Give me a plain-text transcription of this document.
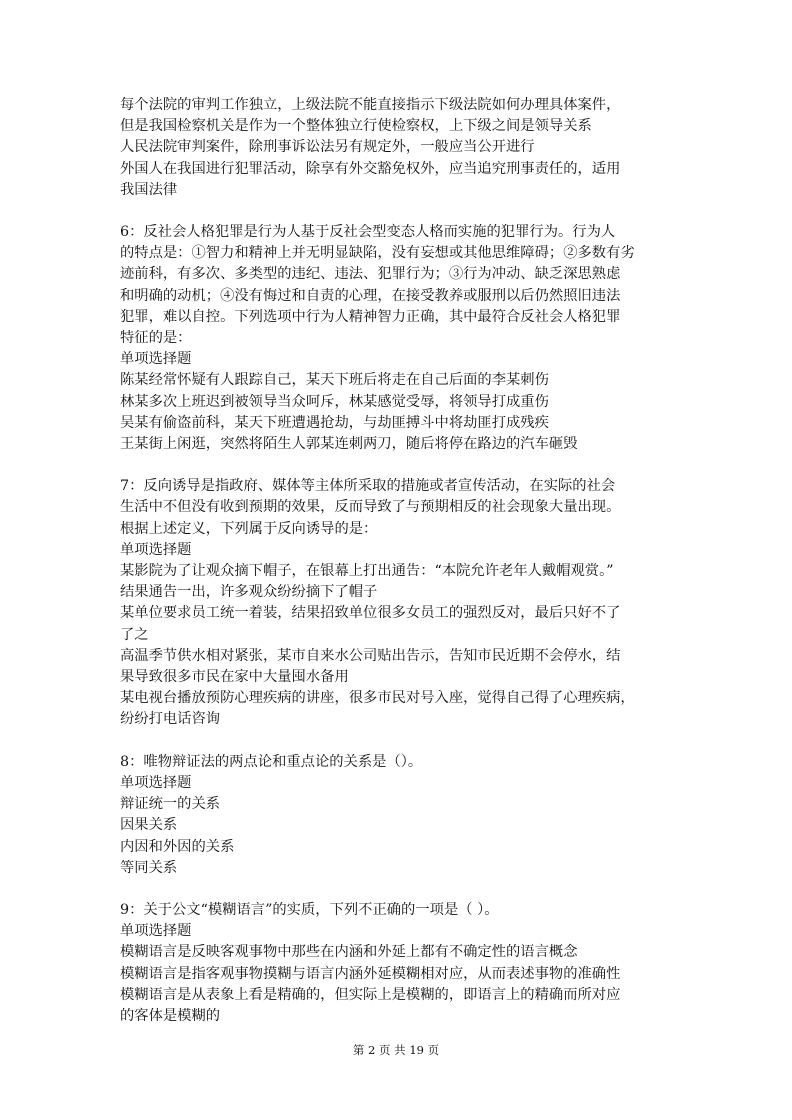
每个法院的审判工作独立，上级法院不能直接指示下级法院如何办理具体案件，
但是我国检察机关是作为一个整体独立行使检察权，上下级之间是领导关系
人民法院审判案件，除刑事诉讼法另有规定外，一般应当公开进行
外国人在我国进行犯罪活动，除享有外交豁免权外，应当追究刑事责任的，适用
我国法律
6：反社会人格犯罪是行为人基于反社会型变态人格而实施的犯罪行为。行为人
的特点是：①智力和精神上并无明显缺陷，没有妄想或其他思维障碍；②多数有劣
迹前科，有多次、多类型的违纪、违法、犯罪行为；③行为冲动、缺乏深思熟虑
和明确的动机；④没有悔过和自责的心理，在接受教养或服刑以后仍然照旧违法
犯罪，难以自控。下列选项中行为人精神智力正确，其中最符合反社会人格犯罪
特征的是：
单项选择题
陈某经常怀疑有人跟踪自己，某天下班后将走在自己后面的李某刺伤
林某多次上班迟到被领导当众呵斥，林某感觉受辱，将领导打成重伤
吴某有偷盗前科，某天下班遭遇抢劫，与劫匪搏斗中将劫匪打成残疾
王某街上闲逛，突然将陌生人郭某连刺两刀，随后将停在路边的汽车砸毁
7：反向诱导是指政府、媒体等主体所采取的措施或者宣传活动，在实际的社会
生活中不但没有收到预期的效果，反而导致了与预期相反的社会现象大量出现。
根据上述定义，下列属于反向诱导的是：
单项选择题
某影院为了让观众摘下帽子，在银幕上打出通告：“本院允许老年人戴帽观赏。”
结果通告一出，许多观众纷纷摘下了帽子
某单位要求员工统一着装，结果招致单位很多女员工的强烈反对，最后只好不了
了之
高温季节供水相对紧张，某市自来水公司贴出告示，告知市民近期不会停水，结
果导致很多市民在家中大量囤水备用
某电视台播放预防心理疾病的讲座，很多市民对号入座，觉得自己得了心理疾病，
纷纷打电话咨询
8：唯物辩证法的两点论和重点论的关系是（）。
单项选择题
辩证统一的关系
因果关系
内因和外因的关系
等同关系
9：关于公文“模糊语言”的实质，下列不正确的一项是（ ）。
单项选择题
模糊语言是反映客观事物中那些在内涵和外延上都有不确定性的语言概念
模糊语言是指客观事物摸糊与语言内涵外延模糊相对应，从而表述事物的准确性
模糊语言是从表象上看是精确的，但实际上是模糊的，即语言上的精确而所对应
的客体是模糊的
第 2 页 共 19 页
